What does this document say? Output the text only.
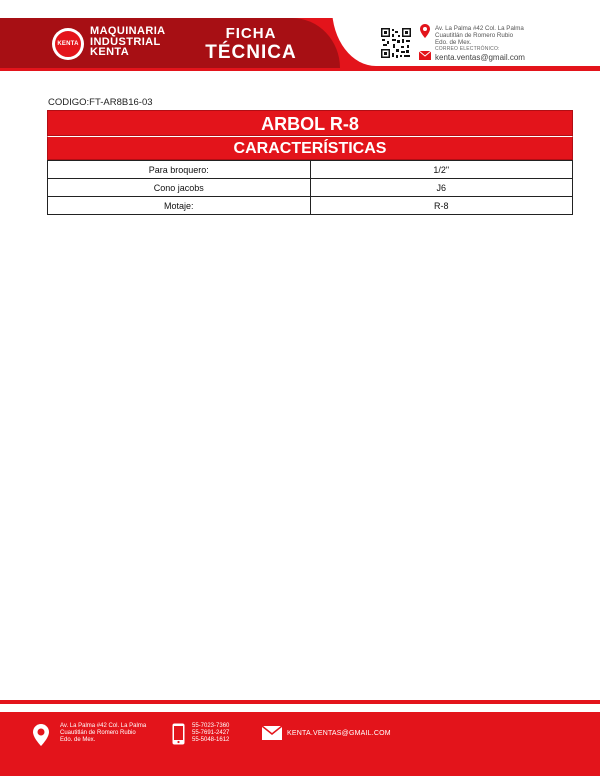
KENTA
MAQUINARIA
INDUSTRIAL
KENTA
FICHA
TÉCNICA
Av. La Palma #42 Col. La Palma
Cuautitlán de Romero Rubio
Edo. de Mex.
CORREO ELECTRÓNICO:
kenta.ventas@gmail.com
CODIGO:FT-AR8B16-03
ARBOL R-8
CARACTERÍSTICAS
Para broquero:	1/2"
Cono jacobs	J6
Motaje:	R-8
Av. La Palma #42 Col. La Palma
Cuautitlán de Romero Rubio
Edo. de Mex.
55-7023-7360
55-7691-2427
55-5048-1612
KENTA.VENTAS@GMAIL.COM
